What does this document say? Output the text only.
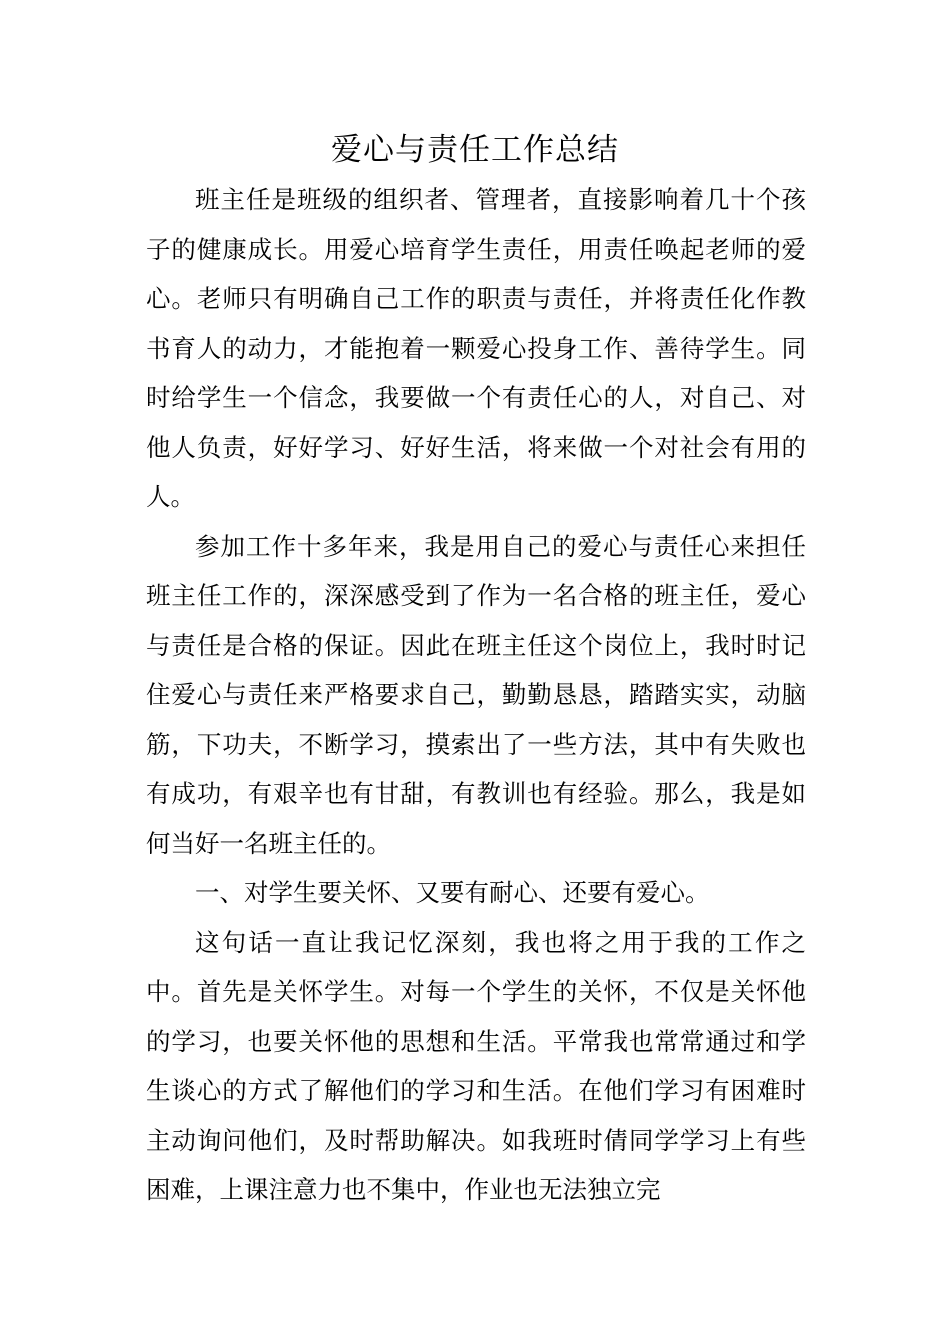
爱心与责任工作总结

班主任是班级的组织者、管理者，直接影响着几十个孩子的健康成长。用爱心培育学生责任，用责任唤起老师的爱心。老师只有明确自己工作的职责与责任，并将责任化作教书育人的动力，才能抱着一颗爱心投身工作、善待学生。同时给学生一个信念，我要做一个有责任心的人，对自己、对他人负责，好好学习、好好生活，将来做一个对社会有用的人。

参加工作十多年来，我是用自己的爱心与责任心来担任班主任工作的，深深感受到了作为一名合格的班主任，爱心与责任是合格的保证。因此在班主任这个岗位上，我时时记住爱心与责任来严格要求自己，勤勤恳恳，踏踏实实，动脑筋，下功夫，不断学习，摸索出了一些方法，其中有失败也有成功，有艰辛也有甘甜，有教训也有经验。那么，我是如何当好一名班主任的。

一、对学生要关怀、又要有耐心、还要有爱心。

这句话一直让我记忆深刻，我也将之用于我的工作之中。首先是关怀学生。对每一个学生的关怀，不仅是关怀他的学习，也要关怀他的思想和生活。平常我也常常通过和学生谈心的方式了解他们的学习和生活。在他们学习有困难时主动询问他们，及时帮助解决。如我班时倩同学学习上有些困难，上课注意力也不集中，作业也无法独立完
